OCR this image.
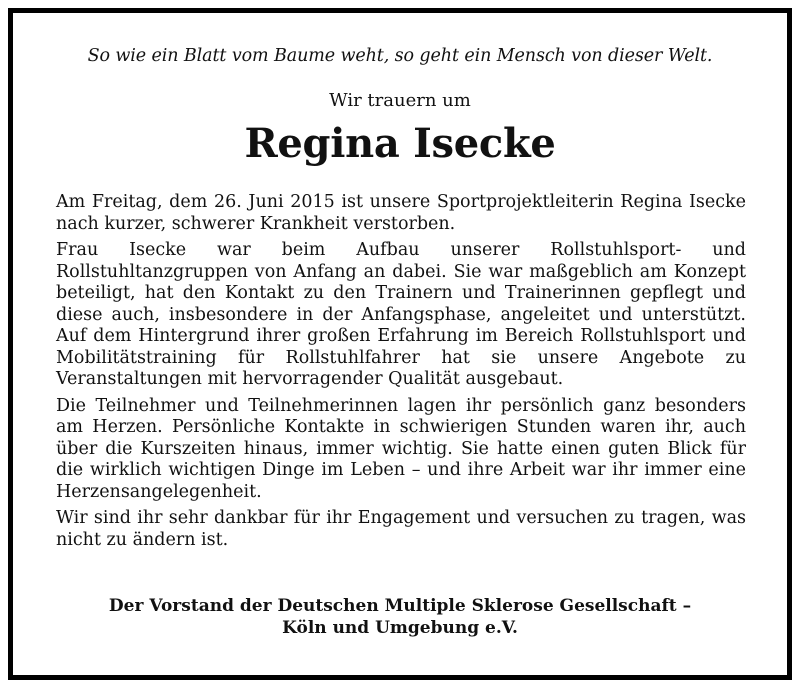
So wie ein Blatt vom Baume weht, so geht ein Mensch von dieser Welt.
Wir trauern um
Regina Isecke

Am Freitag, dem 26. Juni 2015 ist unsere Sportprojektleiterin Regina Isecke nach kurzer, schwerer Krankheit verstorben.

Frau Isecke war beim Aufbau unserer Rollstuhlsport- und Rollstuhltanzgruppen von Anfang an dabei. Sie war maßgeblich am Konzept beteiligt, hat den Kontakt zu den Trainern und Trainerinnen gepflegt und diese auch, insbesondere in der Anfangsphase, angeleitet und unterstützt. Auf dem Hintergrund ihrer großen Erfahrung im Bereich Rollstuhlsport und Mobilitätstraining für Rollstuhlfahrer hat sie unsere Angebote zu Veranstaltungen mit hervorragender Qualität ausgebaut.

Die Teilnehmer und Teilnehmerinnen lagen ihr persönlich ganz besonders am Herzen. Persönliche Kontakte in schwierigen Stunden waren ihr, auch über die Kurszeiten hinaus, immer wichtig. Sie hatte einen guten Blick für die wirklich wichtigen Dinge im Leben – und ihre Arbeit war ihr immer eine Herzensangelegenheit.

Wir sind ihr sehr dankbar für ihr Engagement und versuchen zu tragen, was nicht zu ändern ist.

Der Vorstand der Deutschen Multiple Sklerose Gesellschaft –
Köln und Umgebung e.V.
